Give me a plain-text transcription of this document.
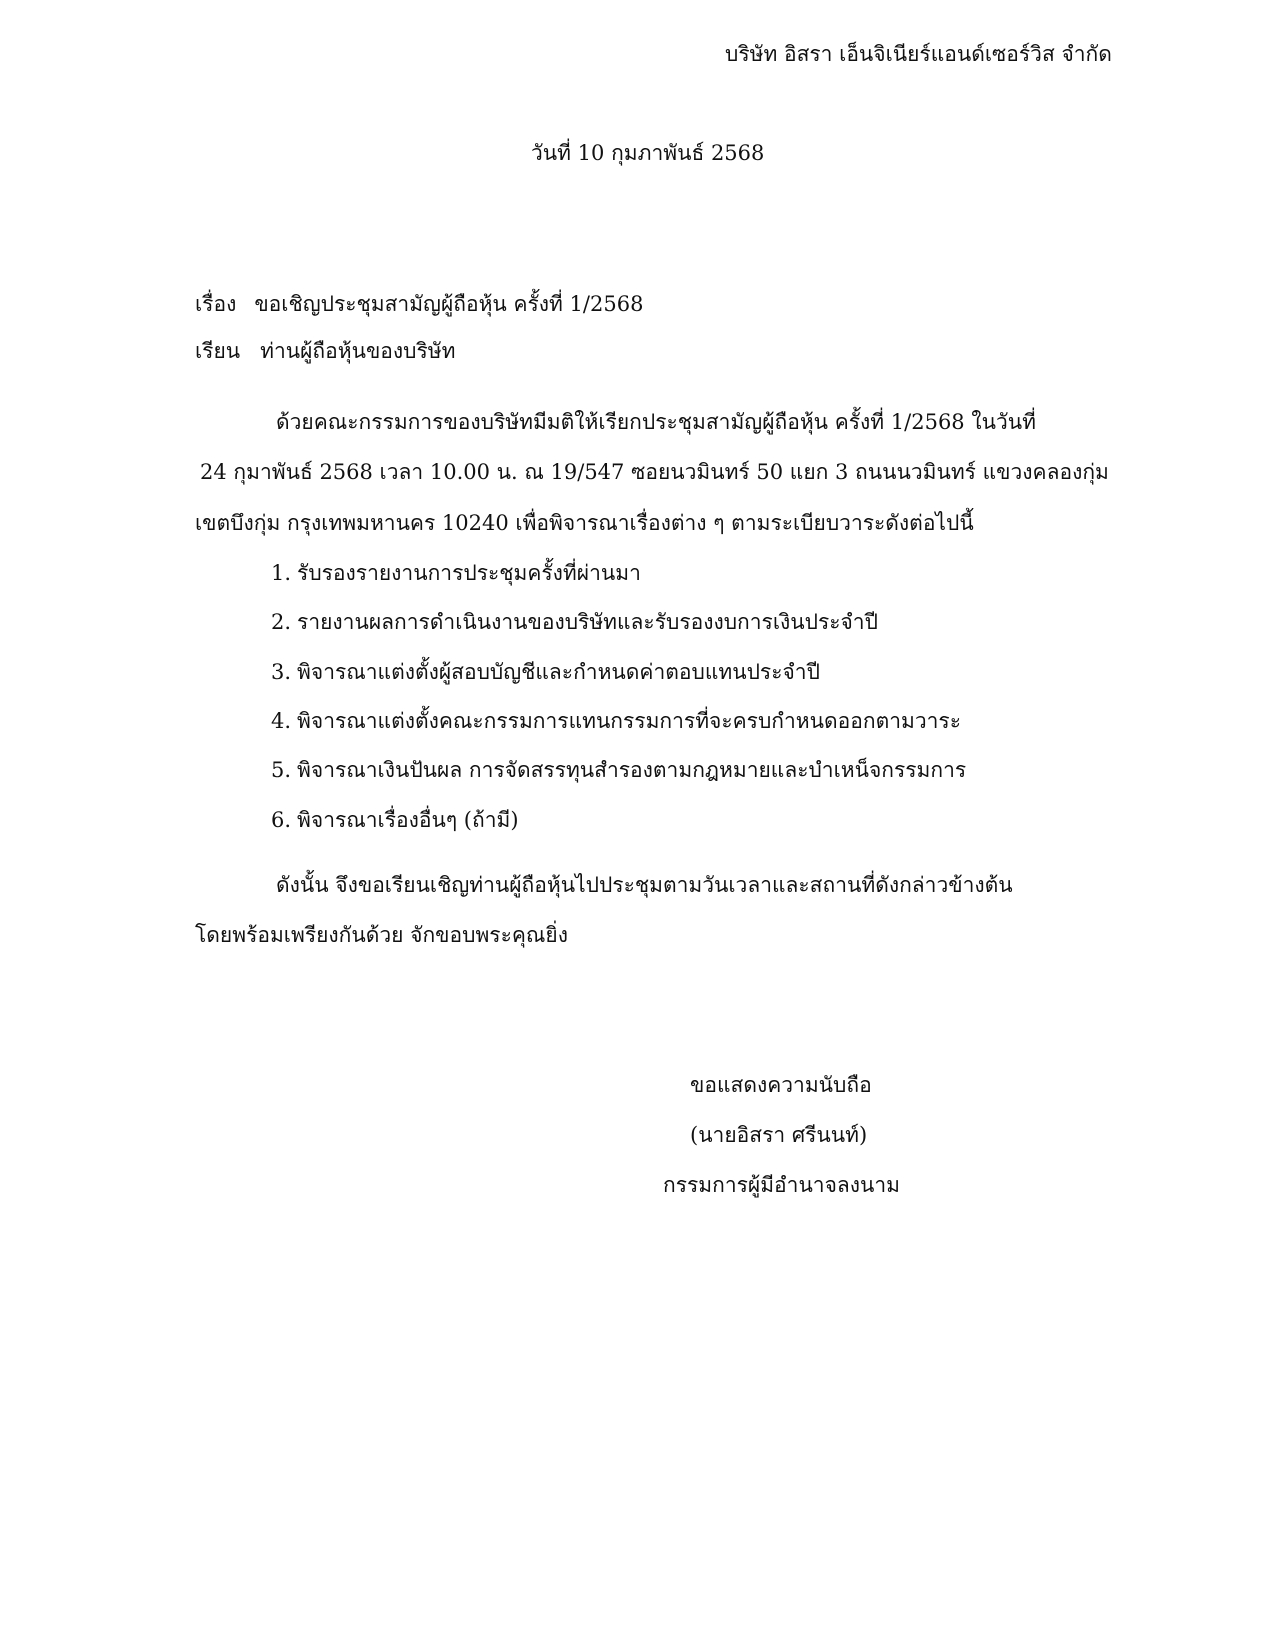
บริษัท อิสรา เอ็นจิเนียร์แอนด์เซอร์วิส จำกัด
วันที่ 10 กุมภาพันธ์ 2568
เรื่อง ขอเชิญประชุมสามัญผู้ถือหุ้น ครั้งที่ 1/2568
เรียน ท่านผู้ถือหุ้นของบริษัท
ด้วยคณะกรรมการของบริษัทมีมติให้เรียกประชุมสามัญผู้ถือหุ้น ครั้งที่ 1/2568 ในวันที่
24 กุมาพันธ์ 2568 เวลา 10.00 น. ณ 19/547 ซอยนวมินทร์ 50 แยก 3 ถนนนวมินทร์ แขวงคลองกุ่ม
เขตบึงกุ่ม กรุงเทพมหานคร 10240 เพื่อพิจารณาเรื่องต่าง ๆ ตามระเบียบวาระดังต่อไปนี้
1. รับรองรายงานการประชุมครั้งที่ผ่านมา
2. รายงานผลการดำเนินงานของบริษัทและรับรองงบการเงินประจำปี
3. พิจารณาแต่งตั้งผู้สอบบัญชีและกำหนดค่าตอบแทนประจำปี
4. พิจารณาแต่งตั้งคณะกรรมการแทนกรรมการที่จะครบกำหนดออกตามวาระ
5. พิจารณาเงินปันผล การจัดสรรทุนสำรองตามกฎหมายและบำเหน็จกรรมการ
6. พิจารณาเรื่องอื่นๆ (ถ้ามี)
ดังนั้น จึงขอเรียนเชิญท่านผู้ถือหุ้นไปประชุมตามวันเวลาและสถานที่ดังกล่าวข้างต้น
โดยพร้อมเพรียงกันด้วย จักขอบพระคุณยิ่ง
ขอแสดงความนับถือ
(นายอิสรา ศรีนนท์)
กรรมการผู้มีอำนาจลงนาม
